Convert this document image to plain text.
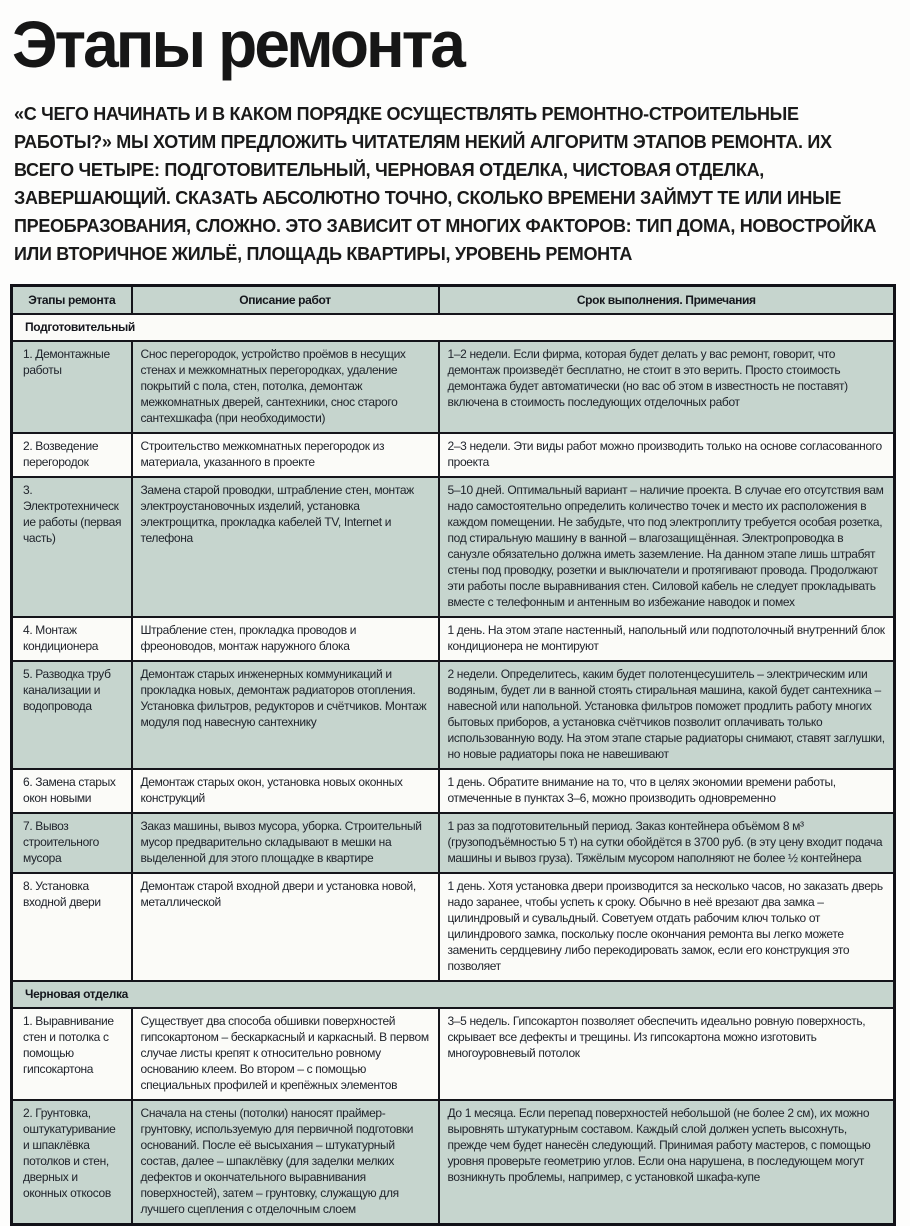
Этапы ремонта

«С ЧЕГО НАЧИНАТЬ И В КАКОМ ПОРЯДКЕ ОСУЩЕСТВЛЯТЬ РЕМОНТНО-СТРОИТЕЛЬНЫЕ РАБОТЫ?» МЫ ХОТИМ ПРЕДЛОЖИТЬ ЧИТАТЕЛЯМ НЕКИЙ АЛГОРИТМ ЭТАПОВ РЕМОНТА. ИХ ВСЕГО ЧЕТЫРЕ: ПОДГОТОВИТЕЛЬНЫЙ, ЧЕРНОВАЯ ОТДЕЛКА, ЧИСТОВАЯ ОТДЕЛКА, ЗАВЕРШАЮЩИЙ. СКАЗАТЬ АБСОЛЮТНО ТОЧНО, СКОЛЬКО ВРЕМЕНИ ЗАЙМУТ ТЕ ИЛИ ИНЫЕ ПРЕОБРАЗОВАНИЯ, СЛОЖНО. ЭТО ЗАВИСИТ ОТ МНОГИХ ФАКТОРОВ: ТИП ДОМА, НОВОСТРОЙКА ИЛИ ВТОРИЧНОЕ ЖИЛЬЁ, ПЛОЩАДЬ КВАРТИРЫ, УРОВЕНЬ РЕМОНТА

Этапы ремонта	Описание работ	Срок выполнения. Примечания
Подготовительный		
1. Демонтажные работы	Снос перегородок, устройство проёмов в несущих стенах и межкомнатных перегородках, удаление покрытий с пола, стен, потолка, демонтаж межкомнатных дверей, сантехники, снос старого сантехшкафа (при необходимости)	1–2 недели. Если фирма, которая будет делать у вас ремонт, говорит, что демонтаж произведёт бесплатно, не стоит в это верить. Просто стоимость демонтажа будет автоматически (но вас об этом в известность не поставят) включена в стоимость последующих отделочных работ
2. Возведение перегородок	Строительство межкомнатных перегородок из материала, указанного в проекте	2–3 недели. Эти виды работ можно производить только на основе согласованного проекта
3. Электротехнические работы (первая часть)	Замена старой проводки, штрабление стен, монтаж электроустановочных изделий, установка электрощитка, прокладка кабелей TV, Internet и телефона	5–10 дней. Оптимальный вариант – наличие проекта. В случае его отсутствия вам надо самостоятельно определить количество точек и место их расположения в каждом помещении. Не забудьте, что под электроплиту требуется особая розетка, под стиральную машину в ванной – влагозащищённая. Электропроводка в санузле обязательно должна иметь заземление. На данном этапе лишь штрабят стены под проводку, розетки и выключатели и протягивают провода. Продолжают эти работы после выравнивания стен. Силовой кабель не следует прокладывать вместе с телефонным и антенным во избежание наводок и помех
4. Монтаж кондиционера	Штрабление стен, прокладка проводов и фреоноводов, монтаж наружного блока	1 день. На этом этапе настенный, напольный или подпотолочный внутренний блок кондиционера не монтируют
5. Разводка труб канализации и водопровода	Демонтаж старых инженерных коммуникаций и прокладка новых, демонтаж радиаторов отопления. Установка фильтров, редукторов и счётчиков. Монтаж модуля под навесную сантехнику	2 недели. Определитесь, каким будет полотенцесушитель – электрическим или водяным, будет ли в ванной стоять стиральная машина, какой будет сантехника – навесной или напольной. Установка фильтров поможет продлить работу многих бытовых приборов, а установка счётчиков позволит оплачивать только использованную воду. На этом этапе старые радиаторы снимают, ставят заглушки, но новые радиаторы пока не навешивают
6. Замена старых окон новыми	Демонтаж старых окон, установка новых оконных конструкций	1 день. Обратите внимание на то, что в целях экономии времени работы, отмеченные в пунктах 3–6, можно производить одновременно
7. Вывоз строительного мусора	Заказ машины, вывоз мусора, уборка. Строительный мусор предварительно складывают в мешки на выделенной для этого площадке в квартире	1 раз за подготовительный период. Заказ контейнера объёмом 8 м³ (грузоподъёмностью 5 т) на сутки обойдётся в 3700 руб. (в эту цену входит подача машины и вывоз груза). Тяжёлым мусором наполняют не более ½ контейнера
8. Установка входной двери	Демонтаж старой входной двери и установка новой, металлической	1 день. Хотя установка двери производится за несколько часов, но заказать дверь надо заранее, чтобы успеть к сроку. Обычно в неё врезают два замка – цилиндровый и сувальдный. Советуем отдать рабочим ключ только от цилиндрового замка, поскольку после окончания ремонта вы легко можете заменить сердцевину либо перекодировать замок, если его конструкция это позволяет
Черновая отделка		
1. Выравнивание стен и потолка с помощью гипсокартона	Существует два способа обшивки поверхностей гипсокартоном – бескаркасный и каркасный. В первом случае листы крепят к относительно ровному основанию клеем. Во втором – с помощью специальных профилей и крепёжных элементов	3–5 недель. Гипсокартон позволяет обеспечить идеально ровную поверхность, скрывает все дефекты и трещины. Из гипсокартона можно изготовить многоуровневый потолок
2. Грунтовка, оштукатуривание и шпаклёвка потолков и стен, дверных и оконных откосов	Сначала на стены (потолки) наносят праймер-грунтовку, используемую для первичной подготовки оснований. После её высыхания – штукатурный состав, далее – шпаклёвку (для заделки мелких дефектов и окончательного выравнивания поверхностей), затем – грунтовку, служащую для лучшего сцепления с отделочным слоем	До 1 месяца. Если перепад поверхностей небольшой (не более 2 см), их можно выровнять штукатурным составом. Каждый слой должен успеть высохнуть, прежде чем будет нанесён следующий. Принимая работу мастеров, с помощью уровня проверьте геометрию углов. Если она нарушена, в последующем могут возникнуть проблемы, например, с установкой шкафа-купе
